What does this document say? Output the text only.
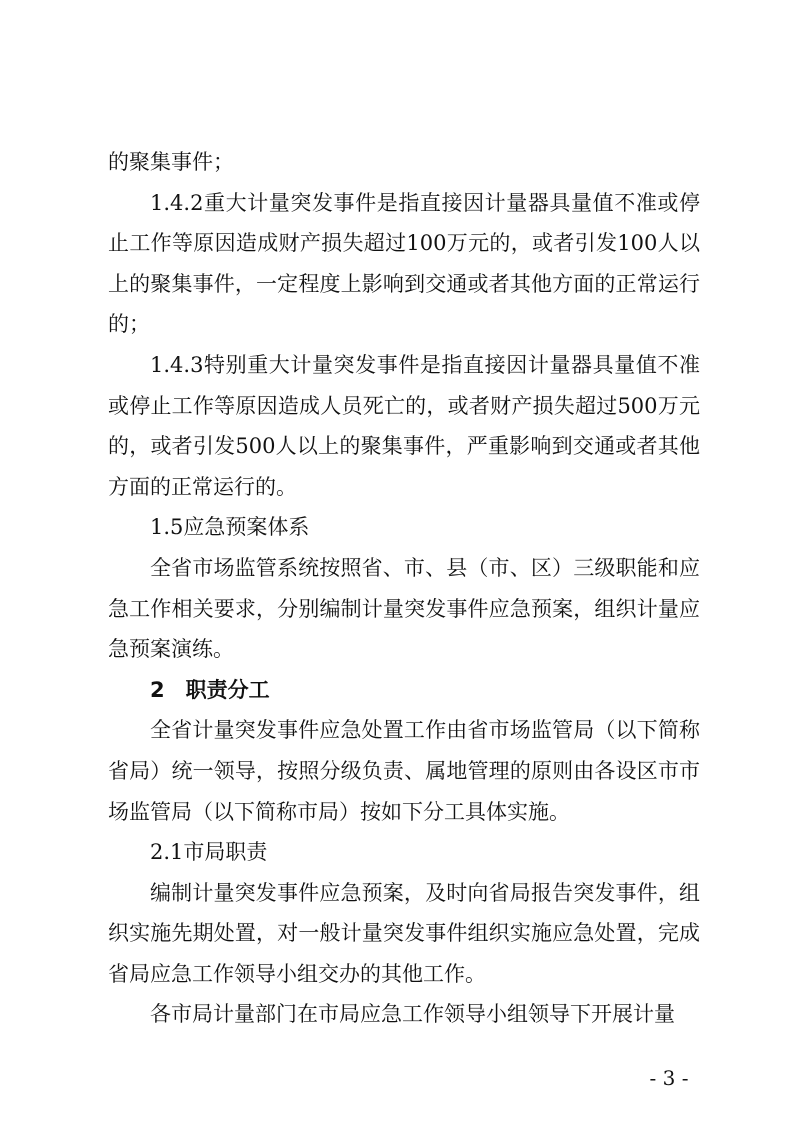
的聚集事件；

1.4.2重大计量突发事件是指直接因计量器具量值不准或停止工作等原因造成财产损失超过100万元的，或者引发100人以上的聚集事件，一定程度上影响到交通或者其他方面的正常运行的；

1.4.3特别重大计量突发事件是指直接因计量器具量值不准或停止工作等原因造成人员死亡的，或者财产损失超过500万元的，或者引发500人以上的聚集事件，严重影响到交通或者其他方面的正常运行的。

1.5应急预案体系

全省市场监管系统按照省、市、县（市、区）三级职能和应急工作相关要求，分别编制计量突发事件应急预案，组织计量应急预案演练。

2　职责分工

全省计量突发事件应急处置工作由省市场监管局（以下简称省局）统一领导，按照分级负责、属地管理的原则由各设区市市场监管局（以下简称市局）按如下分工具体实施。

2.1市局职责

编制计量突发事件应急预案，及时向省局报告突发事件，组织实施先期处置，对一般计量突发事件组织实施应急处置，完成省局应急工作领导小组交办的其他工作。

各市局计量部门在市局应急工作领导小组领导下开展计量

- 3 -
